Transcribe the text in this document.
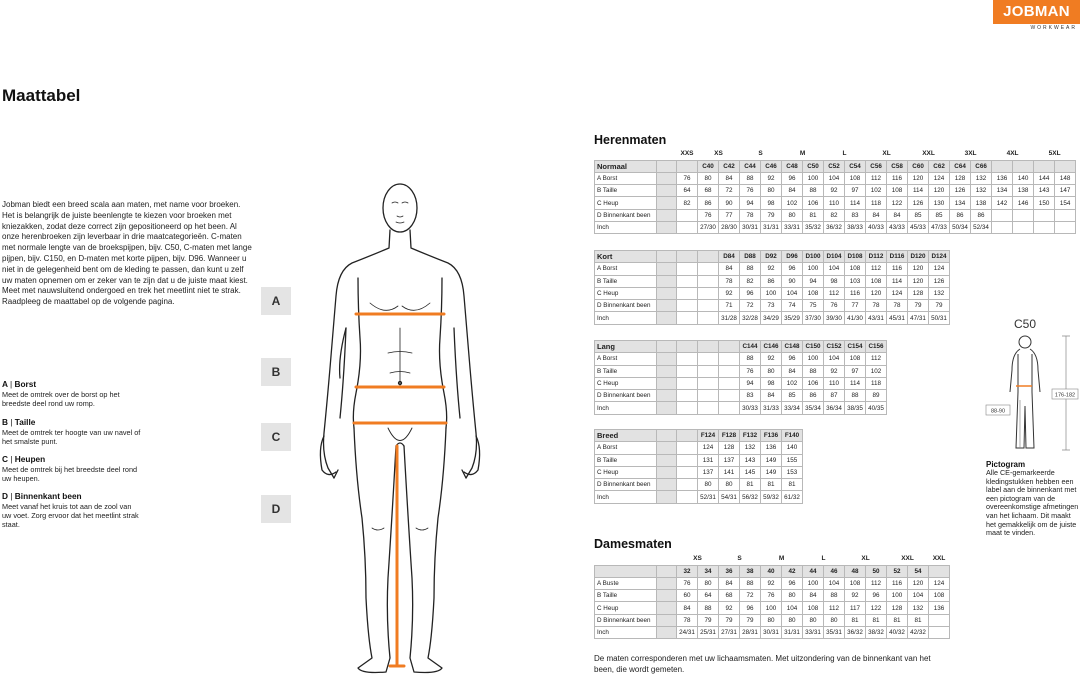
JOBMAN
WORKWEAR
Maattabel

Jobman biedt een breed scala aan maten, met name voor broeken. Het is belangrijk de juiste beenlengte te kiezen voor broeken met kniezakken, zodat deze correct zijn gepositioneerd op het been. Al onze herenbroeken zijn leverbaar in drie maatcategorieën. C-maten met normale lengte van de broekspijpen, bijv. C50, C-maten met lange pijpen, bijv. C150, en D-maten met korte pijpen, bijv. D96. Wanneer u niet in de gelegenheid bent om de kleding te passen, dan kunt u zelf uw maten opnemen om er zeker van te zijn dat u de juiste maat kiest. Meet met nauwsluitend ondergoed en trek het meetlint niet te strak. Raadpleeg de maattabel op de volgende pagina.

A | Borst
Meet de omtrek over de borst op het breedste deel rond uw romp.
B | Taille
Meet de omtrek ter hoogte van uw navel of het smalste punt.
C | Heupen
Meet de omtrek bij het breedste deel rond uw heupen.
D | Binnenkant been
Meet vanaf het kruis tot aan de zool van uw voet. Zorg ervoor dat het meetlint strak staat.
A
B
C
D
Herenmaten
		XXS	XS		S		M		L		XL		XXL		3XL		4XL		5XL	
Normaal			C40	C42	C44	C46	C48	C50	C52	C54	C56	C58	C60	C62	C64	C66				
A Borst		76	80	84	88	92	96	100	104	108	112	116	120	124	128	132	136	140	144	148
B Taille		64	68	72	76	80	84	88	92	97	102	108	114	120	126	132	134	138	143	147
C Heup		82	86	90	94	98	102	106	110	114	118	122	126	130	134	138	142	146	150	154
D Binnenkant been			76	77	78	79	80	81	82	83	84	84	85	85	86	86				
Inch			27/30	28/30	30/31	31/31	33/31	35/32	36/32	38/33	40/33	43/33	45/33	47/33	50/34	52/34				
Kort				D84	D88	D92	D96	D100	D104	D108	D112	D116	D120	D124
A Borst				84	88	92	96	100	104	108	112	116	120	124
B Taille				78	82	86	90	94	98	103	108	114	120	126
C Heup				92	96	100	104	108	112	116	120	124	128	132
D Binnenkant been				71	72	73	74	75	76	77	78	78	79	79
Inch				31/28	32/28	34/29	35/29	37/30	39/30	41/30	43/31	45/31	47/31	50/31
Lang					C144	C146	C148	C150	C152	C154	C156
A Borst					88	92	96	100	104	108	112
B Taille					76	80	84	88	92	97	102
C Heup					94	98	102	106	110	114	118
D Binnenkant been					83	84	85	86	87	88	89
Inch					30/33	31/33	33/34	35/34	36/34	38/35	40/35
Breed			F124	F128	F132	F136	F140
A Borst			124	128	132	136	140
B Taille			131	137	143	149	155
C Heup			137	141	145	149	153
D Binnenkant been			80	80	81	81	81
Inch			52/31	54/31	56/32	59/32	61/32
Damesmaten
		XS		S		M		L		XL		XXL		XXL
		32	34	36	38	40	42	44	46	48	50	52	54	
A Buste		76	80	84	88	92	96	100	104	108	112	116	120	124
B Taille		60	64	68	72	76	80	84	88	92	96	100	104	108
C Heup		84	88	92	96	100	104	108	112	117	122	128	132	136
D Binnenkant been		78	79	79	79	80	80	80	80	81	81	81	81	
Inch		24/31	25/31	27/31	28/31	30/31	31/31	33/31	35/31	36/32	38/32	40/32	42/32	
C50
176-182
88-90
Pictogram

Alle CE-gemarkeerde kledingstukken hebben een label aan de binnenkant met een pictogram van de overeenkomstige afmetingen van het lichaam. Dit maakt het gemakkelijk om de juiste maat te vinden.

De maten corresponderen met uw lichaamsmaten. Met uitzondering van de binnenkant van het been, die wordt gemeten.
